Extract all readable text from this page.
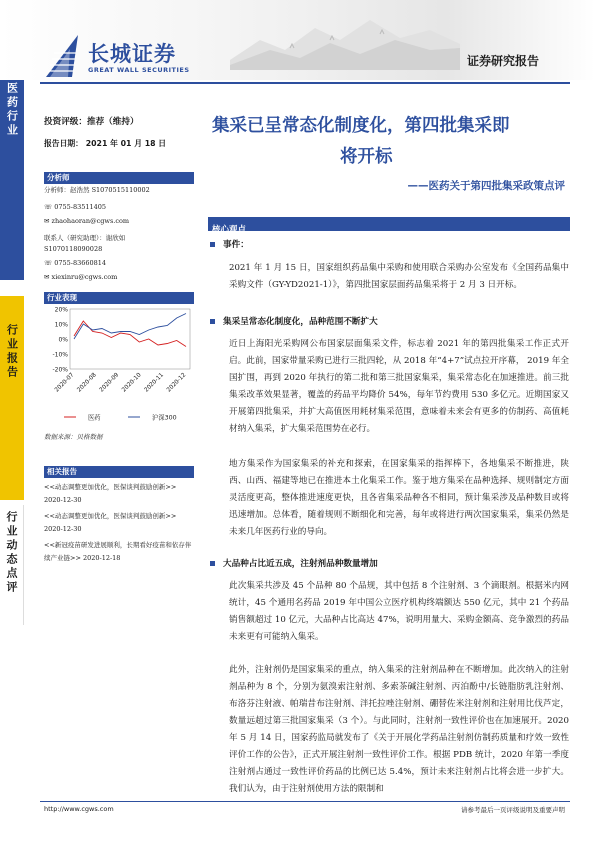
医药行业
行业报告
行业动态点评
长城证券
GREAT WALL SECURITIES
证券研究报告
投资评级：推荐（维持）
报告日期： 2021 年 01 月 18 日
分析师
分析师：赵浩然 S1070515110002
☏ 0755-83511405
✉ zhaohaoran@cgws.com
联系人（研究助理）：谢欣如
S1070118090028
☏ 0755-83660814
✉ xiexinru@cgws.com
行业表现
20%
10%
0%
-10%
-20%
2020-07 2020-08 2020-09 2020-10 2020-11 2020-12
医药	沪深300
数据来源：贝格数据
相关报告
<<动态调整更加优化，医保谈判鼓励创新>> 2020-12-30
<<动态调整更加优化，医保谈判鼓励创新>> 2020-12-30
<<新冠疫苗研发进展顺利，长期看好疫苗和依存伴续产业链>> 2020-12-18
集采已呈常态化制度化，第四批集采即
将开标
——医药关于第四批集采政策点评
核心观点
事件：
2021 年 1 月 15 日，国家组织药品集中采购和使用联合采购办公室发布《全国药品集中采购文件（GY-YD2021-1）》，第四批国家层面药品集采将于 2 月 3 日开标。
集采呈常态化制度化，品种范围不断扩大
近日上海阳光采购网公布国家层面集采文件，标志着 2021 年的第四批集采工作正式开启。此前，国家带量采购已进行三批四轮，从 2018 年“4+7”试点拉开序幕， 2019 年全国扩围，再到 2020 年执行的第二批和第三批国家集采，集采常态化在加速推进。前三批集采改革效果显著，覆盖的药品平均降价 54%，每年节约费用 530 多亿元。近期国家又开展第四批集采，并扩大高值医用耗材集采范围，意味着未来会有更多的仿制药、高值耗材纳入集采，扩大集采范围势在必行。
地方集采作为国家集采的补充和探索，在国家集采的指挥棒下，各地集采不断推进，陕西、山西、福建等地已在推进本土化集采工作。鉴于地方集采在品种选择、规则制定方面灵活度更高，整体推进速度更快，且各省集采品种各不相同，预计集采涉及品种数目或将迅速增加。总体看，随着规则不断细化和完善，每年或将进行两次国家集采，集采仍然是未来几年医药行业的导向。
大品种占比近五成，注射剂品种数量增加
此次集采共涉及 45 个品种 80 个品规，其中包括 8 个注射剂、3 个滴眼剂。根据米内网统计，45 个通用名药品 2019 年中国公立医疗机构终端额达 550 亿元，其中 21 个药品销售额超过 10 亿元，大品种占比高达 47%，说明用量大、采购金额高、竞争激烈的药品未来更有可能纳入集采。
此外，注射剂仍是国家集采的重点，纳入集采的注射剂品种在不断增加。此次纳入的注射剂品种为 8 个，分别为氨溴索注射剂、多索茶碱注射剂、丙泊酚中/长链脂肪乳注射剂、布洛芬注射液、帕瑞昔布注射剂、泮托拉唑注射剂、硼替佐米注射剂和注射用比伐芦定，数量远超过第三批国家集采（3 个）。与此同时，注射剂一致性评价也在加速展开。2020 年 5 月 14 日，国家药监局就发布了《关于开展化学药品注射剂仿制药质量和疗效一致性评价工作的公告》，正式开展注射剂一致性评价工作。根据 PDB 统计，2020 年第一季度注射剂占通过一致性评价药品的比例已达 5.4%，预计未来注射剂占比将会进一步扩大。我们认为，由于注射剂使用方法的限制和
http://www.cgws.com	请参考最后一页评级说明及重要声明
